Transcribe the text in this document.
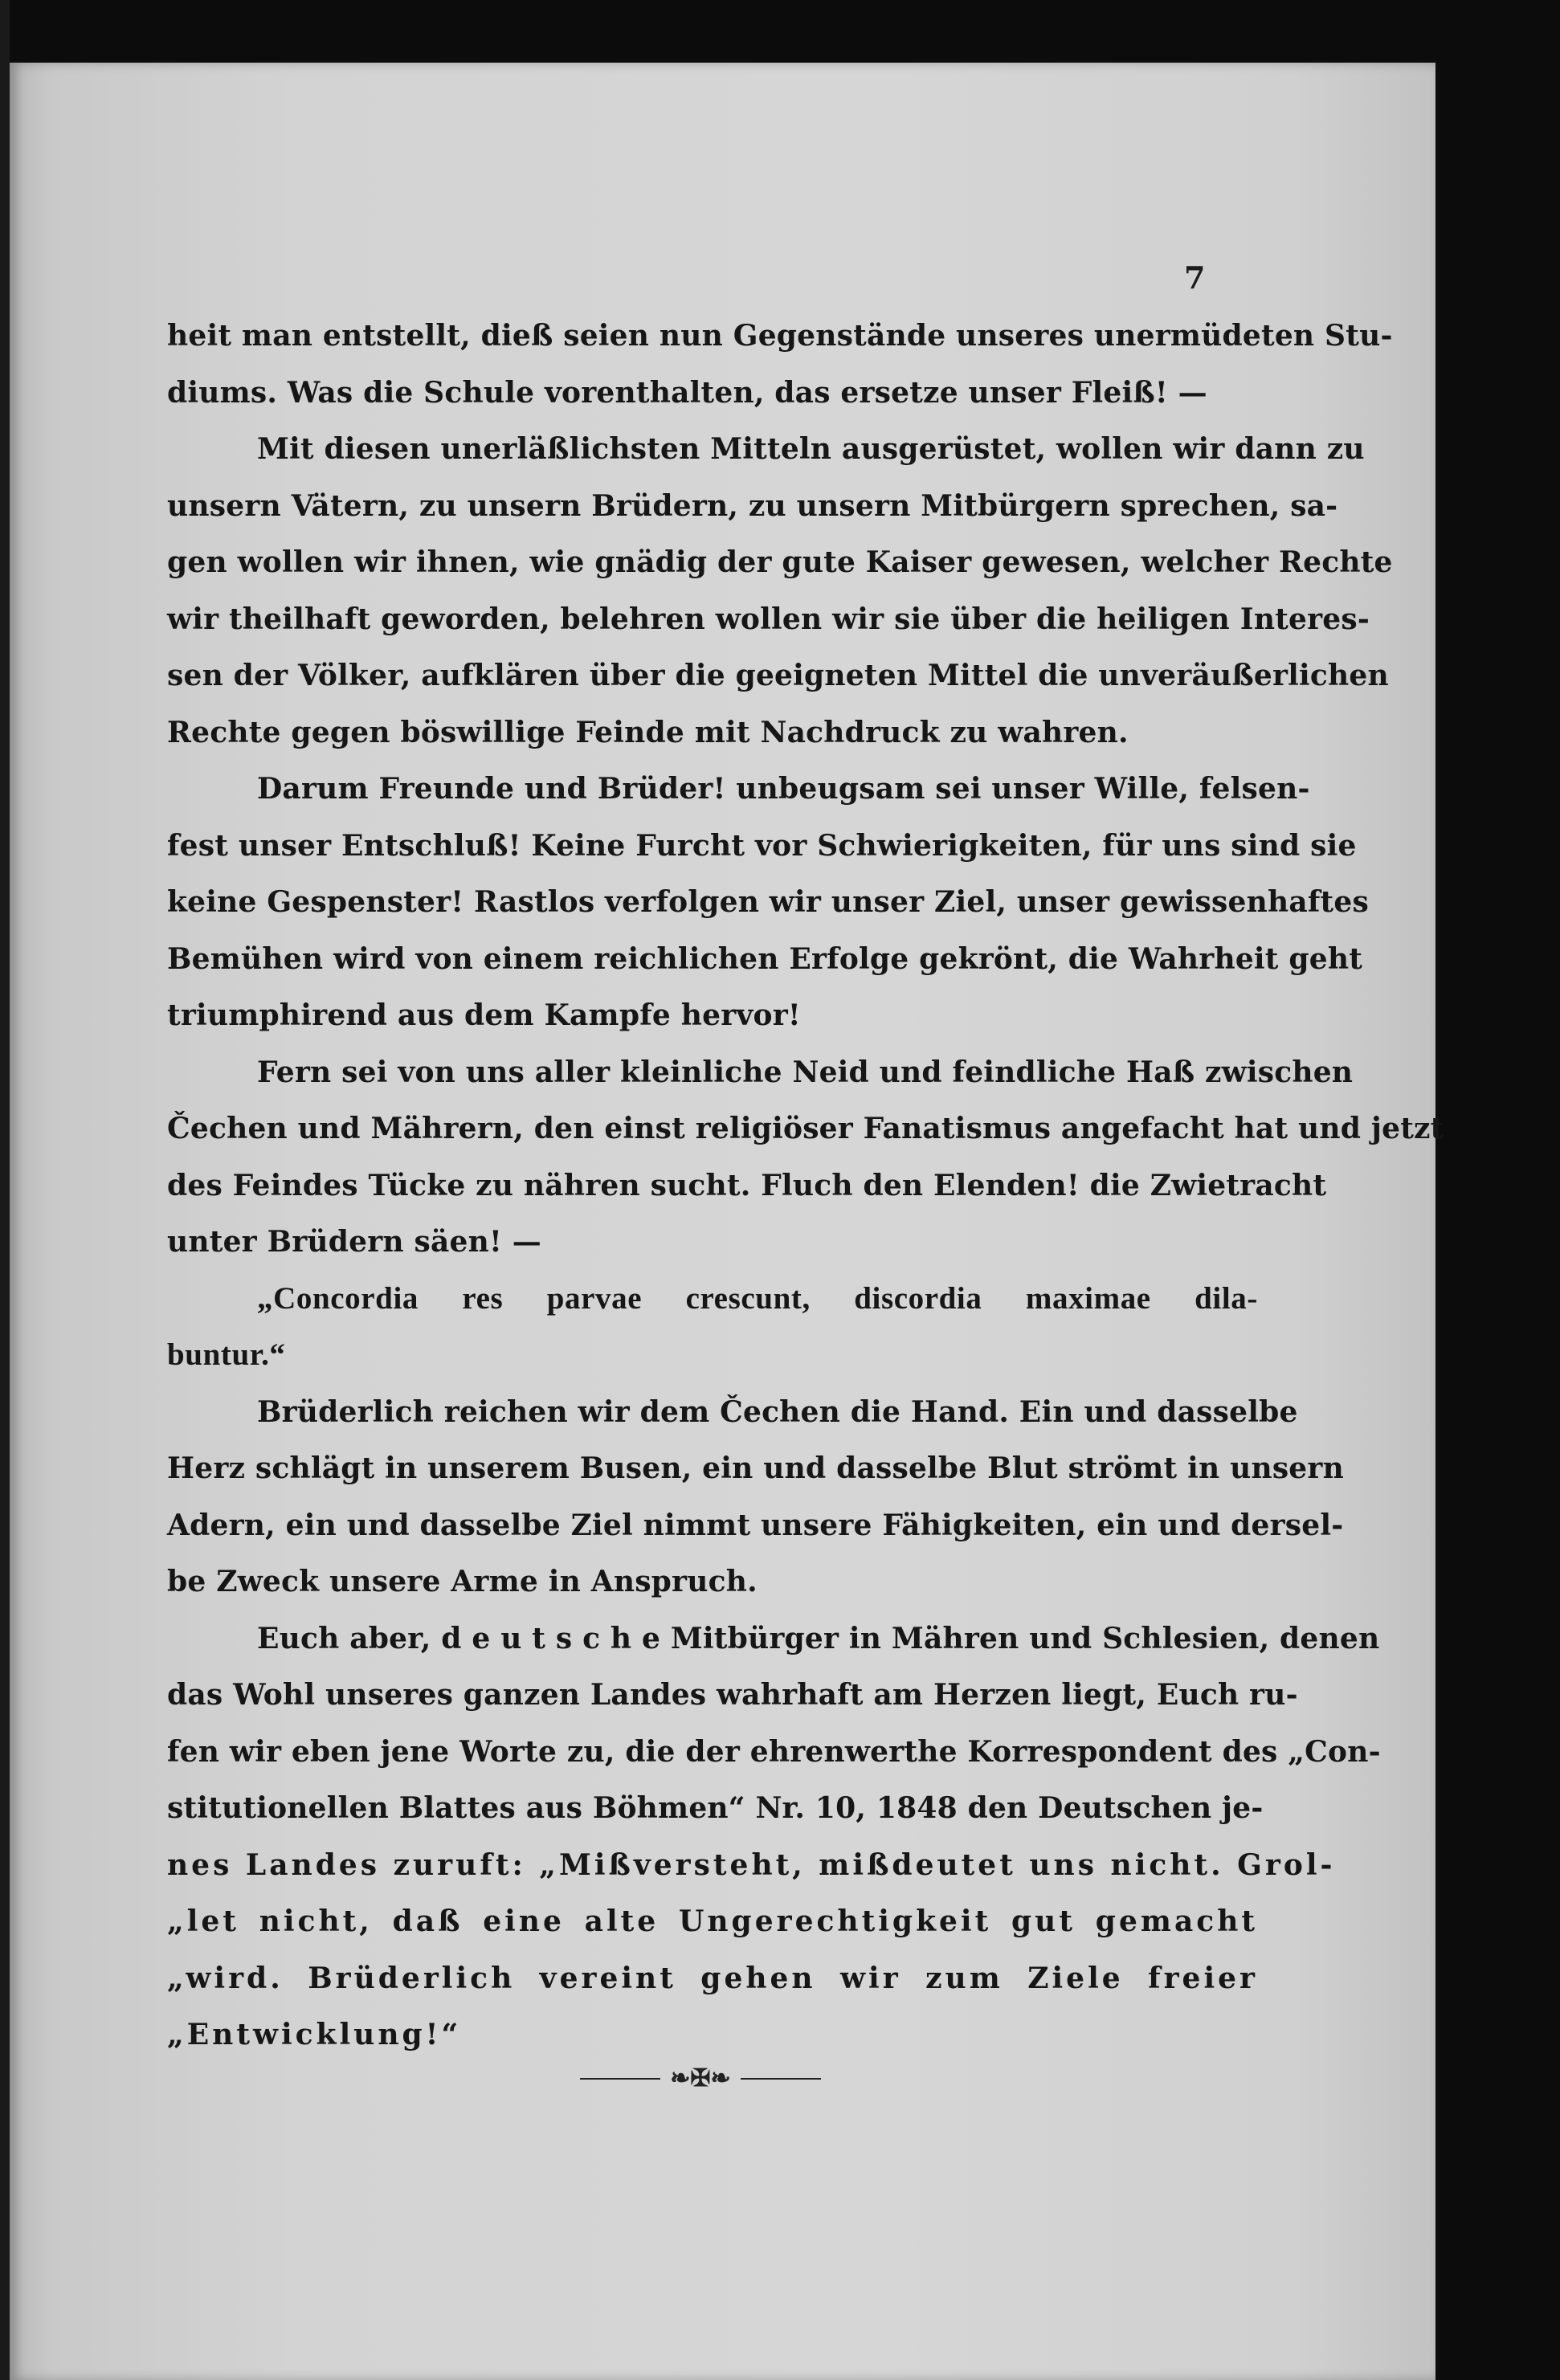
7
heit man entstellt, dieß seien nun Gegenstände unseres unermüdeten Stu-
diums. Was die Schule vorenthalten, das ersetze unser Fleiß! —
Mit diesen unerläßlichsten Mitteln ausgerüstet, wollen wir dann zu
unsern Vätern, zu unsern Brüdern, zu unsern Mitbürgern sprechen, sa-
gen wollen wir ihnen, wie gnädig der gute Kaiser gewesen, welcher Rechte
wir theilhaft geworden, belehren wollen wir sie über die heiligen Interes-
sen der Völker, aufklären über die geeigneten Mittel die unveräußerlichen
Rechte gegen böswillige Feinde mit Nachdruck zu wahren.
Darum Freunde und Brüder! unbeugsam sei unser Wille, felsen-
fest unser Entschluß! Keine Furcht vor Schwierigkeiten, für uns sind sie
keine Gespenster! Rastlos verfolgen wir unser Ziel, unser gewissenhaftes
Bemühen wird von einem reichlichen Erfolge gekrönt, die Wahrheit geht
triumphirend aus dem Kampfe hervor!
Fern sei von uns aller kleinliche Neid und feindliche Haß zwischen
Čechen und Mährern, den einst religiöser Fanatismus angefacht hat und jetzt
des Feindes Tücke zu nähren sucht. Fluch den Elenden! die Zwietracht
unter Brüdern säen! —
„Concordia res parvae crescunt, discordia maximae dila-
buntur.“
Brüderlich reichen wir dem Čechen die Hand. Ein und dasselbe
Herz schlägt in unserem Busen, ein und dasselbe Blut strömt in unsern
Adern, ein und dasselbe Ziel nimmt unsere Fähigkeiten, ein und dersel-
be Zweck unsere Arme in Anspruch.
Euch aber, d e u t s c h e Mitbürger in Mähren und Schlesien, denen
das Wohl unseres ganzen Landes wahrhaft am Herzen liegt, Euch ru-
fen wir eben jene Worte zu, die der ehrenwerthe Korrespondent des „Con-
stitutionellen Blattes aus Böhmen“ Nr. 10, 1848 den Deutschen je-
nes Landes zuruft: „Mißversteht, mißdeutet uns nicht. Grol-
„let nicht, daß eine alte Ungerechtigkeit gut gemacht
„wird. Brüderlich vereint gehen wir zum Ziele freier
„Entwicklung!“
❧✠❧
